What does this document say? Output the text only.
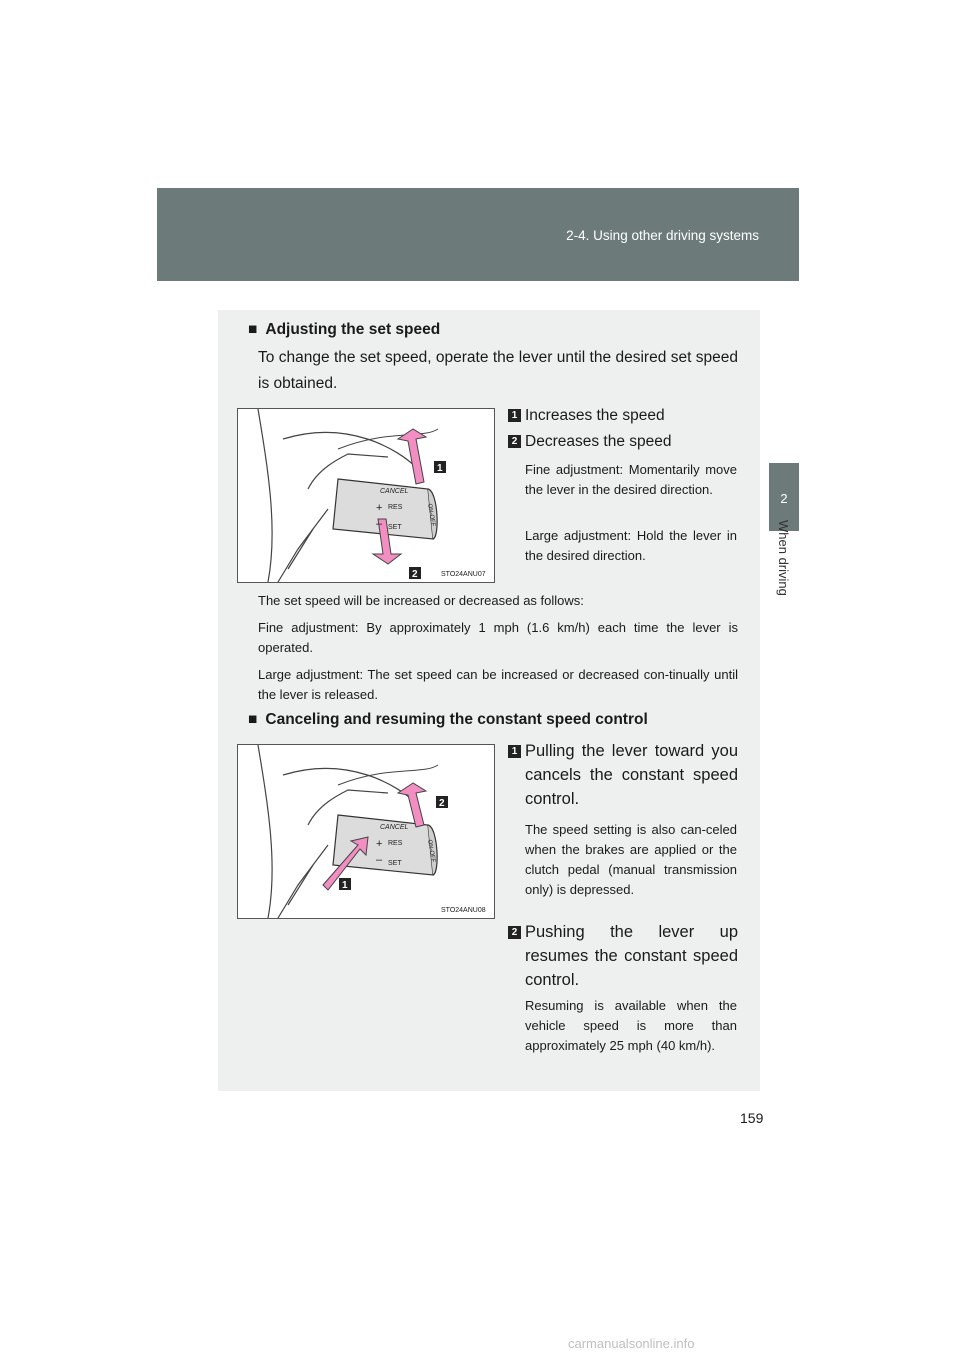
2-4. Using other driving systems
2
When driving
■ Adjusting the set speed
To change the set speed, operate the lever until the desired set speed is obtained.
CANCEL
+ RES
– SET
ON-OFF
1
2	STO24ANU07
1 Increases the speed
2 Decreases the speed
Fine adjustment: Momentarily move the lever in the desired direction.
Large adjustment: Hold the lever in the desired direction.
The set speed will be increased or decreased as follows:
Fine adjustment: By approximately 1 mph (1.6 km/h) each time the lever is operated.
Large adjustment: The set speed can be increased or decreased con-tinually until the lever is released.
■ Canceling and resuming the constant speed control
CANCEL
+ RES
– SET
ON-OFF
2
1
STO24ANU08
1 Pulling the lever toward you cancels the constant speed control.
The speed setting is also can-celed when the brakes are applied or the clutch pedal (manual transmission only) is depressed.
2 Pushing the lever up resumes the constant speed control.
Resuming is available when the vehicle speed is more than approximately 25 mph (40 km/h).
159
carmanualsonline.info
